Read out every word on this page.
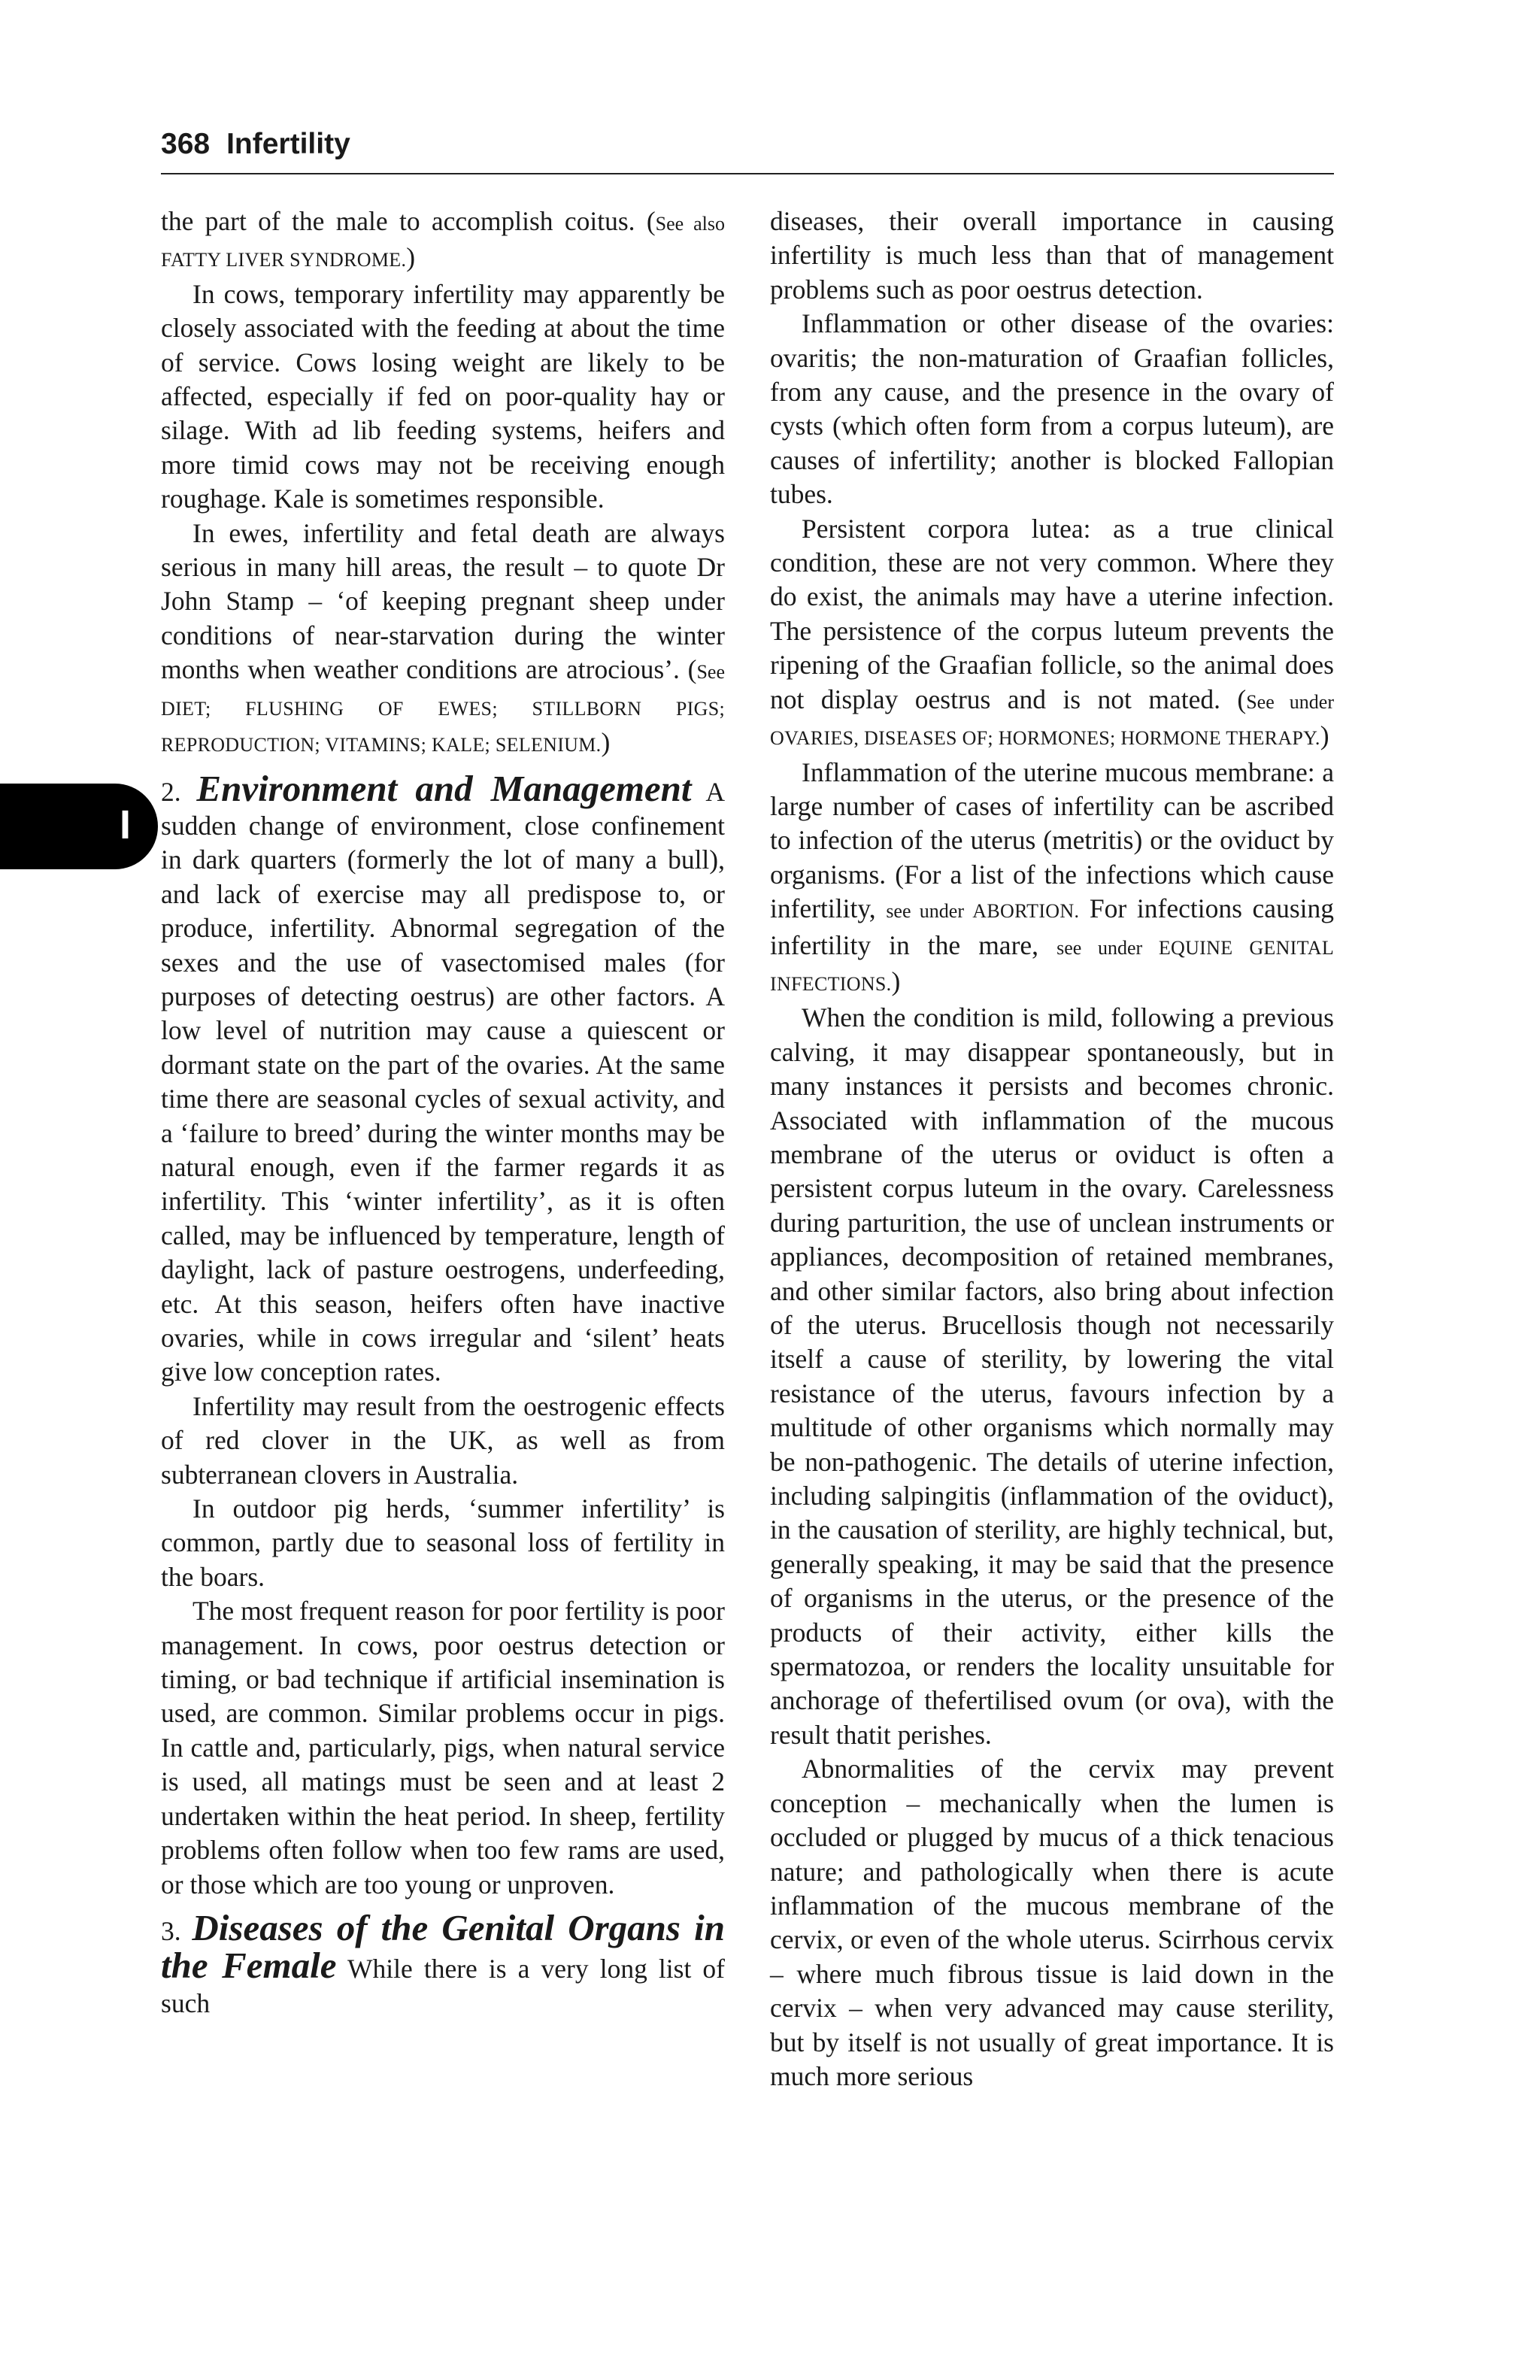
368 Infertility
I

the part of the male to accomplish coitus. (See also FATTY LIVER SYNDROME.)

In cows, temporary infertility may apparently be closely associated with the feeding at about the time of service. Cows losing weight are likely to be affected, especially if fed on poor-quality hay or silage. With ad lib feeding systems, heifers and more timid cows may not be receiving enough roughage. Kale is sometimes responsible.

In ewes, infertility and fetal death are always serious in many hill areas, the result – to quote Dr John Stamp – ‘of keeping pregnant sheep under conditions of near-starvation during the winter months when weather conditions are atrocious’. (See DIET; FLUSHING OF EWES; STILLBORN PIGS; REPRODUCTION; VITAMINS; KALE; SELENIUM.)

2. Environment and Management A sudden change of environment, close confinement in dark quarters (formerly the lot of many a bull), and lack of exercise may all predispose to, or produce, infertility. Abnormal segregation of the sexes and the use of vasectomised males (for purposes of detecting oestrus) are other factors. A low level of nutrition may cause a quiescent or dormant state on the part of the ovaries. At the same time there are seasonal cycles of sexual activity, and a ‘failure to breed’ during the winter months may be natural enough, even if the farmer regards it as infertility. This ‘winter infertility’, as it is often called, may be influenced by temperature, length of daylight, lack of pasture oestrogens, underfeeding, etc. At this season, heifers often have inactive ovaries, while in cows irregular and ‘silent’ heats give low conception rates.

Infertility may result from the oestrogenic effects of red clover in the UK, as well as from subterranean clovers in Australia.

In outdoor pig herds, ‘summer infertility’ is common, partly due to seasonal loss of fertility in the boars.

The most frequent reason for poor fertility is poor management. In cows, poor oestrus detection or timing, or bad technique if artificial insemination is used, are common. Similar problems occur in pigs. In cattle and, particularly, pigs, when natural service is used, all matings must be seen and at least 2 undertaken within the heat period. In sheep, fertility problems often follow when too few rams are used, or those which are too young or unproven.

3. Diseases of the Genital Organs in the Female While there is a very long list of such

diseases, their overall importance in causing infertility is much less than that of management problems such as poor oestrus detection.

Inflammation or other disease of the ovaries: ovaritis; the non-maturation of Graafian follicles, from any cause, and the presence in the ovary of cysts (which often form from a corpus luteum), are causes of infertility; another is blocked Fallopian tubes.

Persistent corpora lutea: as a true clinical condition, these are not very common. Where they do exist, the animals may have a uterine infection. The persistence of the corpus luteum prevents the ripening of the Graafian follicle, so the animal does not display oestrus and is not mated. (See under OVARIES, DISEASES OF; HORMONES; HORMONE THERAPY.)

Inflammation of the uterine mucous membrane: a large number of cases of infertility can be ascribed to infection of the uterus (metritis) or the oviduct by organisms. (For a list of the infections which cause infertility, see under ABORTION. For infections causing infertility in the mare, see under EQUINE GENITAL INFECTIONS.)

When the condition is mild, following a previous calving, it may disappear spontaneously, but in many instances it persists and becomes chronic. Associated with inflammation of the mucous membrane of the uterus or oviduct is often a persistent corpus luteum in the ovary. Carelessness during parturition, the use of unclean instruments or appliances, decomposition of retained membranes, and other similar factors, also bring about infection of the uterus. Brucellosis though not necessarily itself a cause of sterility, by lowering the vital resistance of the uterus, favours infection by a multitude of other organisms which normally may be non-pathogenic. The details of uterine infection, including salpingitis (inflammation of the oviduct), in the causation of sterility, are highly technical, but, generally speaking, it may be said that the presence of organisms in the uterus, or the presence of the products of their activity, either kills the spermatozoa, or renders the locality unsuitable for anchorage of thefertilised ovum (or ova), with the result thatit perishes.

Abnormalities of the cervix may prevent conception – mechanically when the lumen is occluded or plugged by mucus of a thick tenacious nature; and pathologically when there is acute inflammation of the mucous membrane of the cervix, or even of the whole uterus. Scirrhous cervix – where much fibrous tissue is laid down in the cervix – when very advanced may cause sterility, but by itself is not usually of great importance. It is much more serious
